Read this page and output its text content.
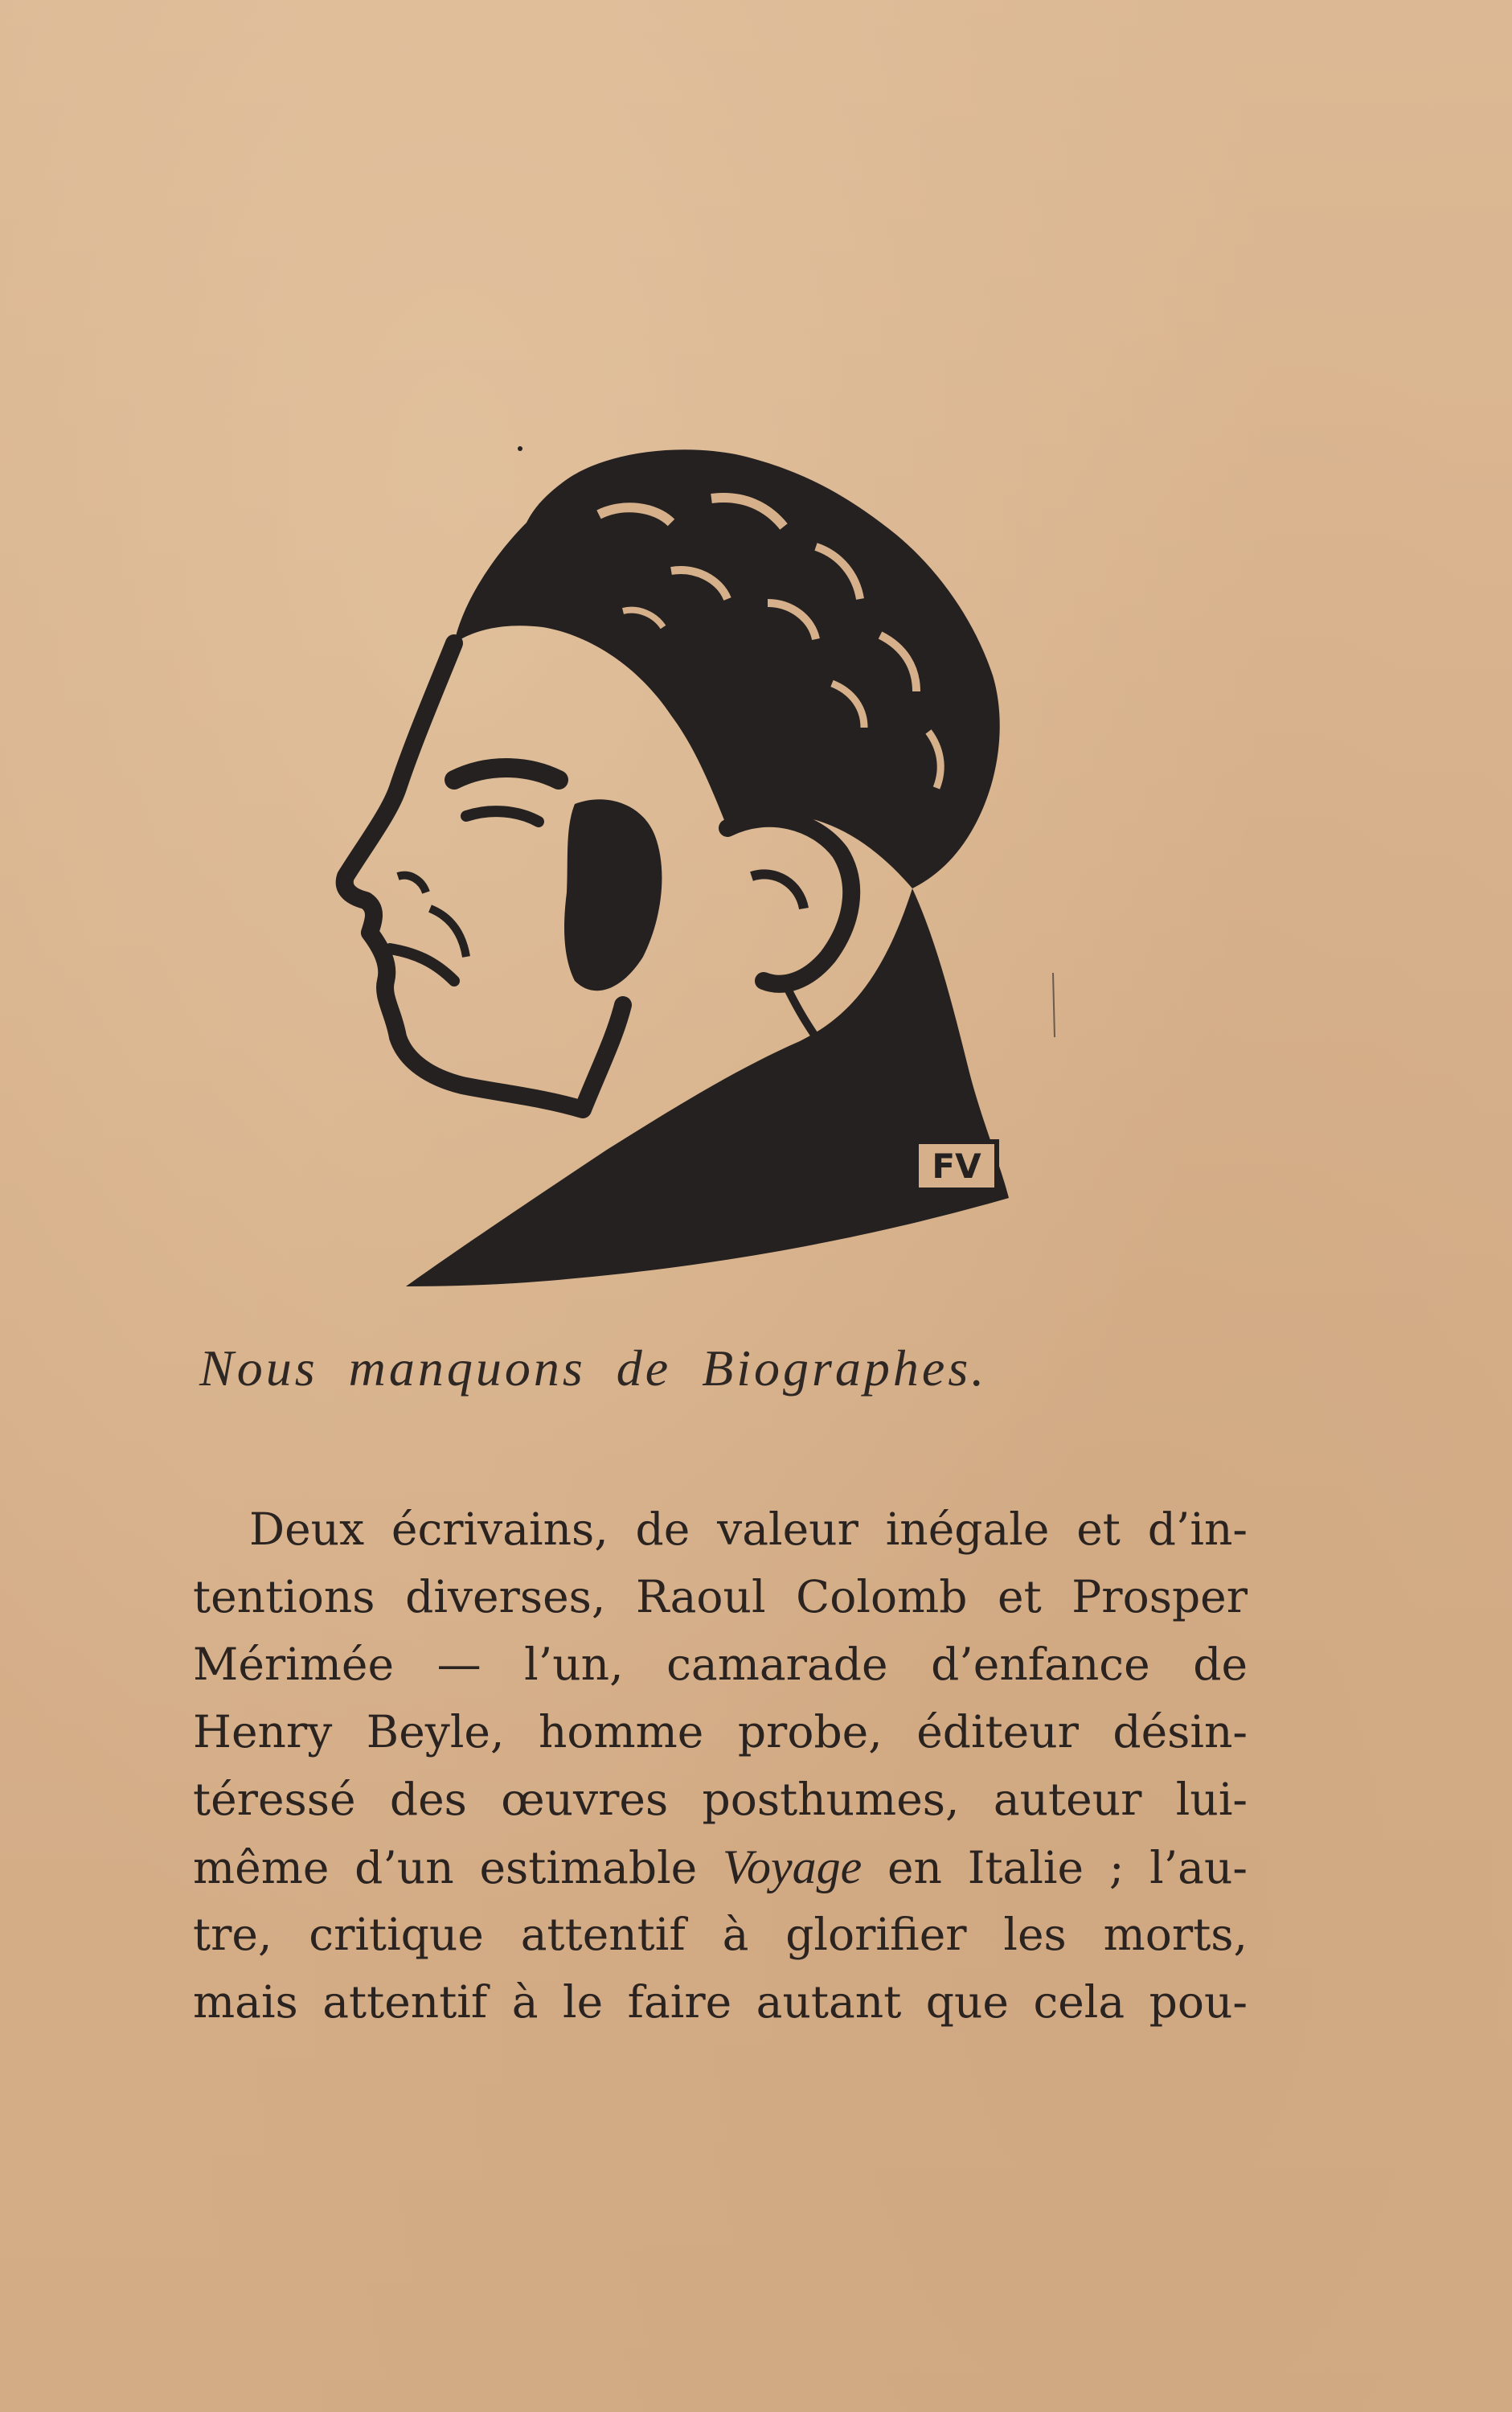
FV
Nous manquons de Biographes.
Deux écrivains, de valeur inégale et d’in-
tentions diverses, Raoul Colomb et Prosper
Mérimée — l’un, camarade d’enfance de
Henry Beyle, homme probe, éditeur désin-
téressé des œuvres posthumes, auteur lui-
même d’un estimable Voyage en Italie ; l’au-
tre, critique attentif à glorifier les morts,
mais attentif à le faire autant que cela pou-
